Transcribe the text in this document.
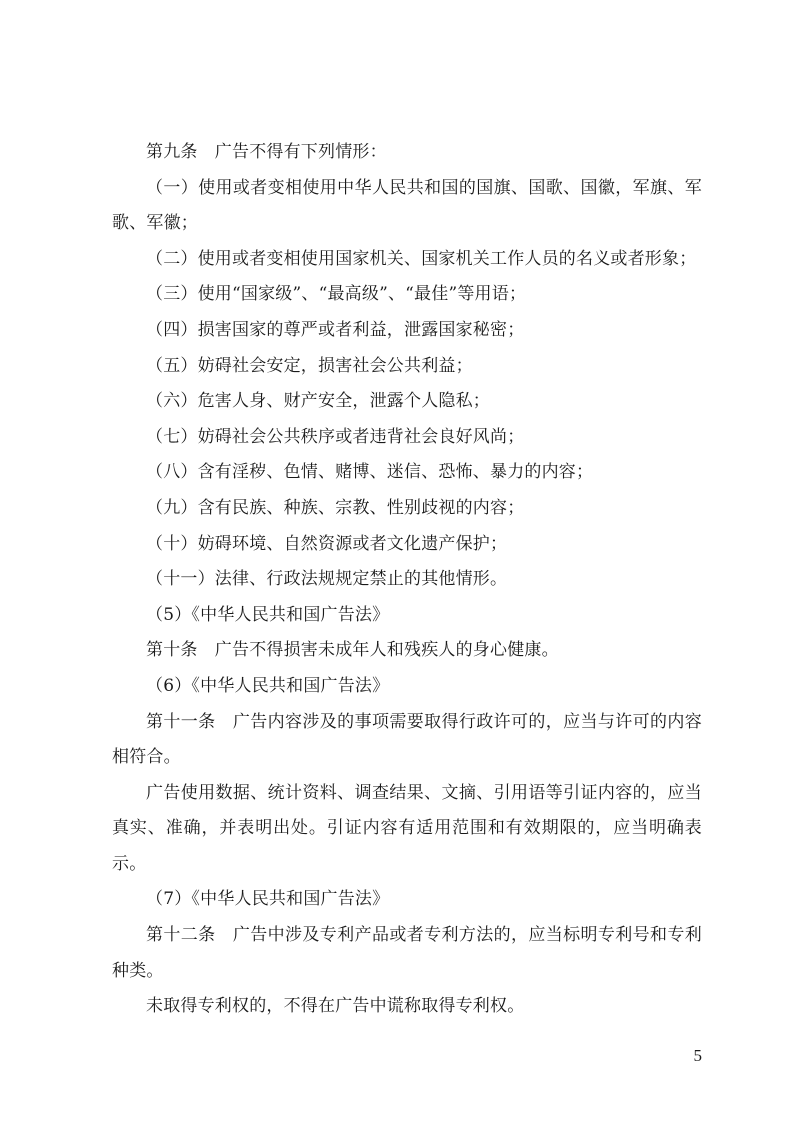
第九条　广告不得有下列情形：

（一）使用或者变相使用中华人民共和国的国旗、国歌、国徽，军旗、军歌、军徽；

（二）使用或者变相使用国家机关、国家机关工作人员的名义或者形象；

（三）使用“国家级”、“最高级”、“最佳”等用语；

（四）损害国家的尊严或者利益，泄露国家秘密；

（五）妨碍社会安定，损害社会公共利益；

（六）危害人身、财产安全，泄露个人隐私；

（七）妨碍社会公共秩序或者违背社会良好风尚；

（八）含有淫秽、色情、赌博、迷信、恐怖、暴力的内容；

（九）含有民族、种族、宗教、性别歧视的内容；

（十）妨碍环境、自然资源或者文化遗产保护；

（十一）法律、行政法规规定禁止的其他情形。

（5）《中华人民共和国广告法》

第十条　广告不得损害未成年人和残疾人的身心健康。

（6）《中华人民共和国广告法》

第十一条　广告内容涉及的事项需要取得行政许可的，应当与许可的内容相符合。

广告使用数据、统计资料、调查结果、文摘、引用语等引证内容的，应当真实、准确，并表明出处。引证内容有适用范围和有效期限的，应当明确表示。

（7）《中华人民共和国广告法》

第十二条　广告中涉及专利产品或者专利方法的，应当标明专利号和专利种类。

未取得专利权的，不得在广告中谎称取得专利权。

5
